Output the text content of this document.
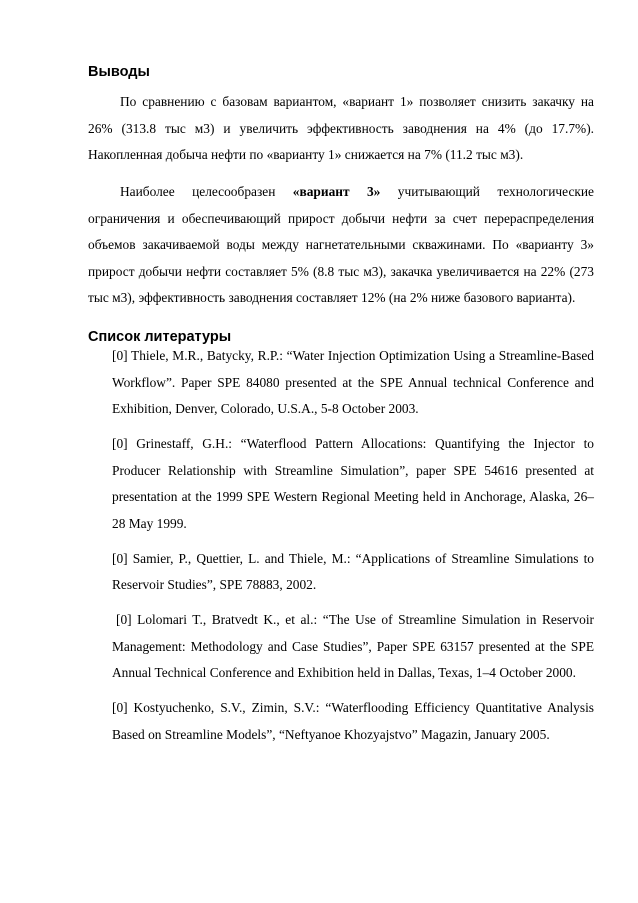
Выводы

По сравнению с базовам вариантом, «вариант 1» позволяет снизить закачку на 26% (313.8 тыс м3) и увеличить эффективность заводнения на 4% (до 17.7%). Накопленная добыча нефти по «варианту 1» снижается на 7% (11.2 тыс м3).

Наиболее целесообразен «вариант 3» учитывающий технологические ограничения и обеспечивающий прирост добычи нефти за счет перераспределения объемов закачиваемой воды между нагнетательными скважинами. По «варианту 3» прирост добычи нефти составляет 5% (8.8 тыс м3), закачка увеличивается на 22% (273 тыс м3), эффективность заводнения составляет 12% (на 2% ниже базового варианта).

Список литературы

[0] Thiele, M.R., Batycky, R.P.: “Water Injection Optimization Using a Streamline-Based Workflow”. Paper SPE 84080 presented at the SPE Annual technical Conference and Exhibition, Denver, Colorado, U.S.A., 5-8 October 2003.

[0] Grinestaff, G.H.: “Waterflood Pattern Allocations: Quantifying the Injector to Producer Relationship with Streamline Simulation”, paper SPE 54616 presented at presentation at the 1999 SPE Western Regional Meeting held in Anchorage, Alaska, 26–28 May 1999.

[0] Samier, P., Quettier, L. and Thiele, M.: “Applications of Streamline Simulations to Reservoir Studies”, SPE 78883, 2002.

[0] Lolomari T., Bratvedt K., et al.: “The Use of Streamline Simulation in Reservoir Management: Methodology and Case Studies”, Paper SPE 63157 presented at the SPE Annual Technical Conference and Exhibition held in Dallas, Texas, 1–4 October 2000.

[0] Kostyuchenko, S.V., Zimin, S.V.: “Waterflooding Efficiency Quantitative Analysis Based on Streamline Models”, “Neftyanoe Khozyajstvo” Magazin, January 2005.
